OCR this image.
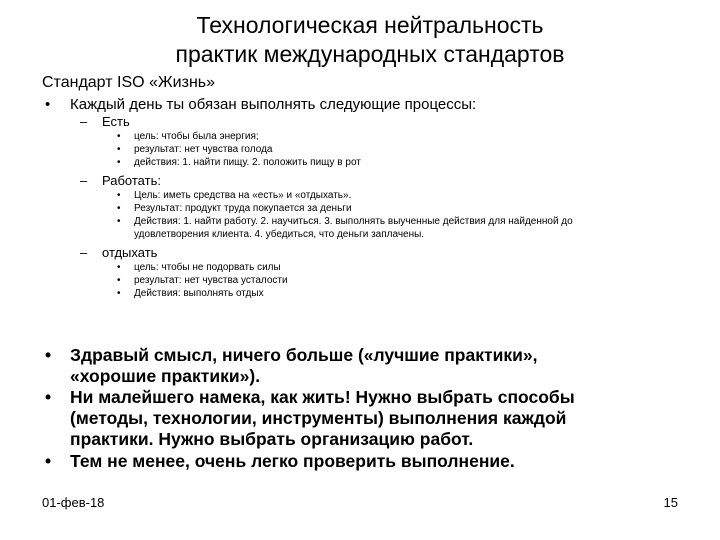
Технологическая нейтральность
практик международных стандартов
Стандарт ISO «Жизнь»
• Каждый день ты обязан выполнять следующие процессы:
– Есть
• цель: чтобы была энергия;
• результат: нет чувства голода
• действия: 1. найти пищу. 2. положить пищу в рот
– Работать:
• Цель: иметь средства на «есть» и «отдыхать».
• Результат: продукт труда покупается за деньги
• Действия: 1. найти работу. 2. научиться. 3. выполнять выученные действия для найденной до
удовлетворения клиента. 4. убедиться, что деньги заплачены.
– отдыхать
• цель: чтобы не подорвать силы
• результат: нет чувства усталости
• Действия: выполнять отдых
• Здравый смысл, ничего больше («лучшие практики»,
«хорошие практики»).
• Ни малейшего намека, как жить! Нужно выбрать способы
(методы, технологии, инструменты) выполнения каждой
практики. Нужно выбрать организацию работ.
• Тем не менее, очень легко проверить выполнение.
01-фев-18	15
